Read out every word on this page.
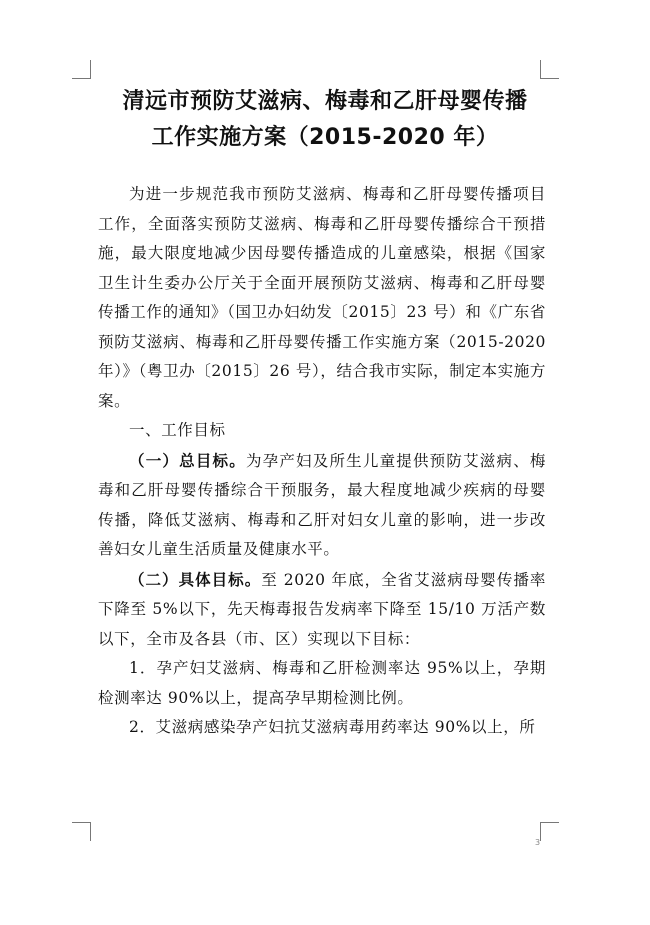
清远市预防艾滋病、梅毒和乙肝母婴传播
工作实施方案（2015-2020 年）

为进一步规范我市预防艾滋病、梅毒和乙肝母婴传播项目工作，全面落实预防艾滋病、梅毒和乙肝母婴传播综合干预措施，最大限度地减少因母婴传播造成的儿童感染，根据《国家卫生计生委办公厅关于全面开展预防艾滋病、梅毒和乙肝母婴传播工作的通知》（国卫办妇幼发〔2015〕23 号）和《广东省预防艾滋病、梅毒和乙肝母婴传播工作实施方案（2015-2020 年）》（粤卫办〔2015〕26 号），结合我市实际，制定本实施方案。

一、工作目标

（一）总目标。为孕产妇及所生儿童提供预防艾滋病、梅毒和乙肝母婴传播综合干预服务，最大程度地减少疾病的母婴传播，降低艾滋病、梅毒和乙肝对妇女儿童的影响，进一步改善妇女儿童生活质量及健康水平。

（二）具体目标。至 2020 年底，全省艾滋病母婴传播率下降至 5%以下，先天梅毒报告发病率下降至 15/10 万活产数以下，全市及各县（市、区）实现以下目标：

1．孕产妇艾滋病、梅毒和乙肝检测率达 95%以上，孕期检测率达 90%以上，提高孕早期检测比例。

2．艾滋病感染孕产妇抗艾滋病毒用药率达 90%以上，所

3
